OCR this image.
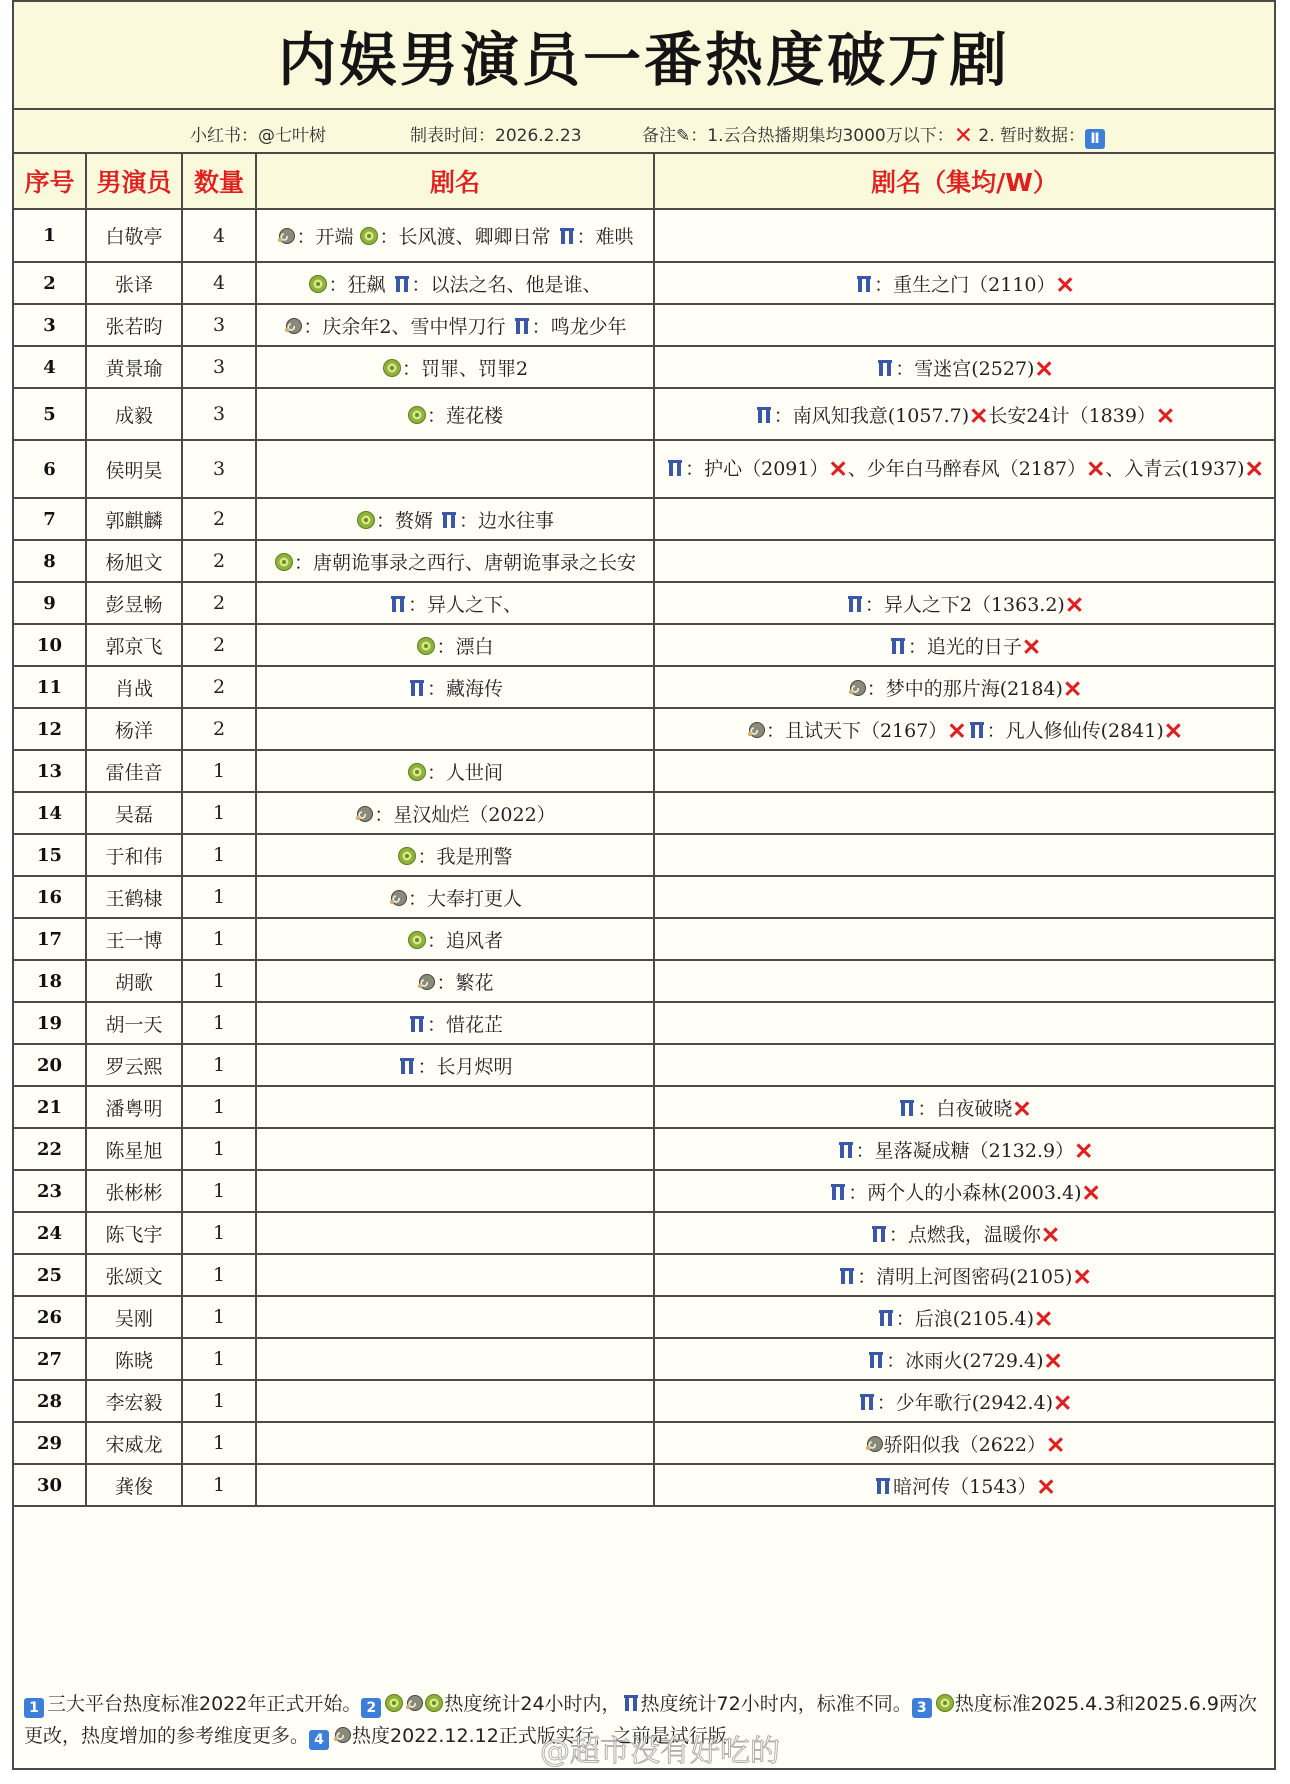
内娱男演员一番热度破万剧
小红书：@七叶树	制表时间：2026.2.23	备注✎：1.云合热播期集均3000万以下：✕ 2. 暂时数据： Ⅱ
序号	男演员	数量	剧名	剧名（集均/W）
1	白敬亭	4	：开端 ：长风渡、卿卿日常 ：难哄	
2	张译	4	：狂飙 ：以法之名、他是谁、	：重生之门（2110）✕
3	张若昀	3	：庆余年2、雪中悍刀行 ：鸣龙少年	
4	黄景瑜	3	：罚罪、罚罪2	：雪迷宫(2527)✕
5	成毅	3	：莲花楼	：南风知我意(1057.7)✕长安24计（1839）✕
6	侯明昊	3		：护心（2091）✕、少年白马醉春风（2187）✕、入青云(1937)✕
7	郭麒麟	2	：赘婿 ：边水往事	
8	杨旭文	2	：唐朝诡事录之西行、唐朝诡事录之长安	
9	彭昱畅	2	：异人之下、	：异人之下2（1363.2)✕
10	郭京飞	2	：漂白	：追光的日子✕
11	肖战	2	：藏海传	：梦中的那片海(2184)✕
12	杨洋	2		：且试天下（2167）✕ ：凡人修仙传(2841)✕
13	雷佳音	1	：人世间	
14	吴磊	1	：星汉灿烂（2022）	
15	于和伟	1	：我是刑警	
16	王鹤棣	1	：大奉打更人	
17	王一博	1	：追风者	
18	胡歌	1	：繁花	
19	胡一天	1	：惜花芷	
20	罗云熙	1	：长月烬明	
21	潘粤明	1		：白夜破晓✕
22	陈星旭	1		：星落凝成糖（2132.9）✕
23	张彬彬	1		：两个人的小森林(2003.4)✕
24	陈飞宇	1		：点燃我，温暖你✕
25	张颂文	1		：清明上河图密码(2105)✕
26	吴刚	1		：后浪(2105.4)✕
27	陈晓	1		：冰雨火(2729.4)✕
28	李宏毅	1		：少年歌行(2942.4)✕
29	宋威龙	1		骄阳似我（2622）✕
30	龚俊	1		暗河传（1543）✕
1 三大平台热度标准2022年正式开始。 2	热度统计24小时内， 热度统计72小时内，标准不同。 3 热度标准2025.4.3和2025.6.9两次更改，热度增加的参考维度更多。 4 热度2022.12.12正式版实行，之前是试行版
@超市没有好吃的
